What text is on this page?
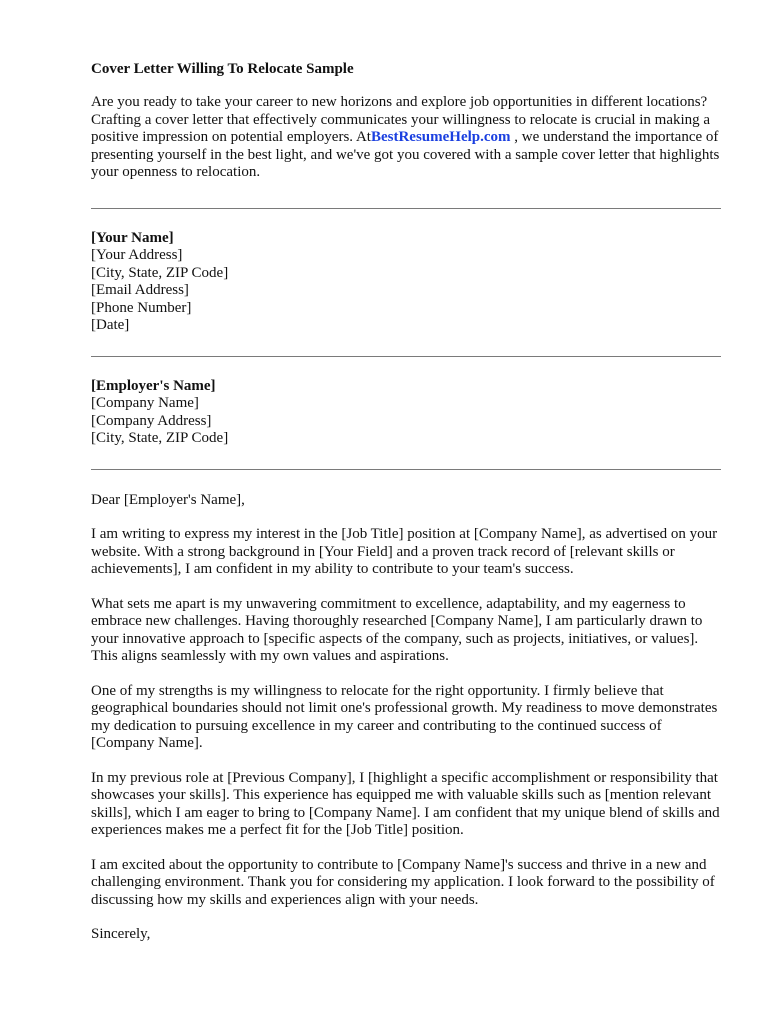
Cover Letter Willing To Relocate Sample

Are you ready to take your career to new horizons and explore job opportunities in different locations? Crafting a cover letter that effectively communicates your willingness to relocate is crucial in making a positive impression on potential employers. AtBestResumeHelp.com , we understand the importance of presenting yourself in the best light, and we've got you covered with a sample cover letter that highlights your openness to relocation.

[Your Name]

[Your Address]

[City, State, ZIP Code]

[Email Address]

[Phone Number]

[Date]

[Employer's Name]

[Company Name]

[Company Address]

[City, State, ZIP Code]

Dear [Employer's Name],

I am writing to express my interest in the [Job Title] position at [Company Name], as advertised on your website. With a strong background in [Your Field] and a proven track record of [relevant skills or achievements], I am confident in my ability to contribute to your team's success.

What sets me apart is my unwavering commitment to excellence, adaptability, and my eagerness to embrace new challenges. Having thoroughly researched [Company Name], I am particularly drawn to your innovative approach to [specific aspects of the company, such as projects, initiatives, or values]. This aligns seamlessly with my own values and aspirations.

One of my strengths is my willingness to relocate for the right opportunity. I firmly believe that geographical boundaries should not limit one's professional growth. My readiness to move demonstrates my dedication to pursuing excellence in my career and contributing to the continued success of [Company Name].

In my previous role at [Previous Company], I [highlight a specific accomplishment or responsibility that showcases your skills]. This experience has equipped me with valuable skills such as [mention relevant skills], which I am eager to bring to [Company Name]. I am confident that my unique blend of skills and experiences makes me a perfect fit for the [Job Title] position.

I am excited about the opportunity to contribute to [Company Name]'s success and thrive in a new and challenging environment. Thank you for considering my application. I look forward to the possibility of discussing how my skills and experiences align with your needs.

Sincerely,
